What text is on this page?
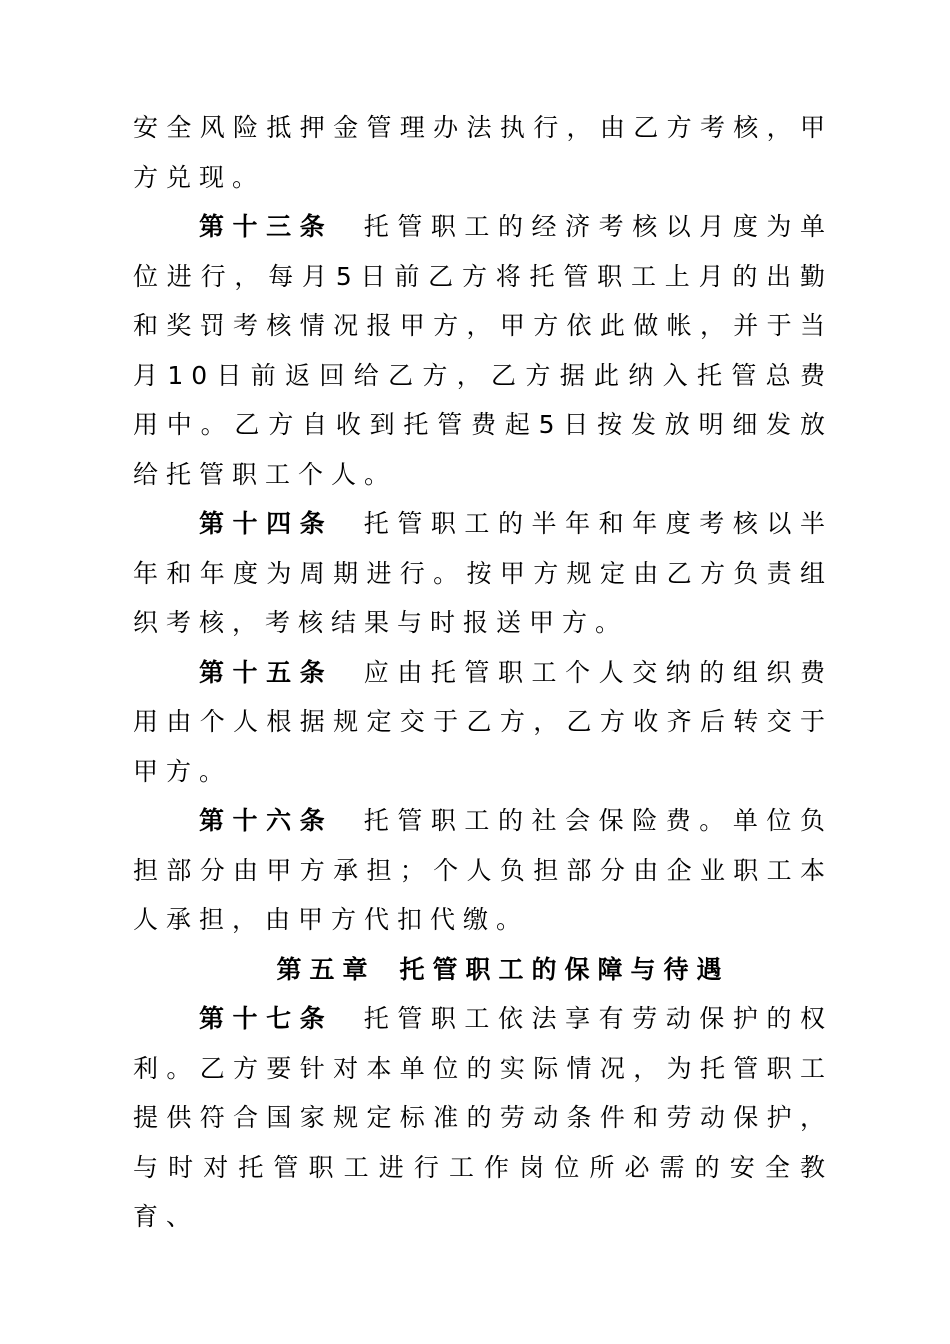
安全风险抵押金管理办法执行，由乙方考核，甲方兑现。

第十三条 托管职工的经济考核以月度为单位进行，每月5日前乙方将托管职工上月的出勤和奖罚考核情况报甲方，甲方依此做帐，并于当月10日前返回给乙方，乙方据此纳入托管总费用中。乙方自收到托管费起5日按发放明细发放给托管职工个人。

第十四条 托管职工的半年和年度考核以半年和年度为周期进行。按甲方规定由乙方负责组织考核，考核结果与时报送甲方。

第十五条 应由托管职工个人交纳的组织费用由个人根据规定交于乙方，乙方收齐后转交于甲方。

第十六条 托管职工的社会保险费。单位负担部分由甲方承担；个人负担部分由企业职工本人承担，由甲方代扣代缴。

第五章 托管职工的保障与待遇

第十七条 托管职工依法享有劳动保护的权利。乙方要针对本单位的实际情况，为托管职工提供符合国家规定标准的劳动条件和劳动保护，与时对托管职工进行工作岗位所必需的安全教育、
